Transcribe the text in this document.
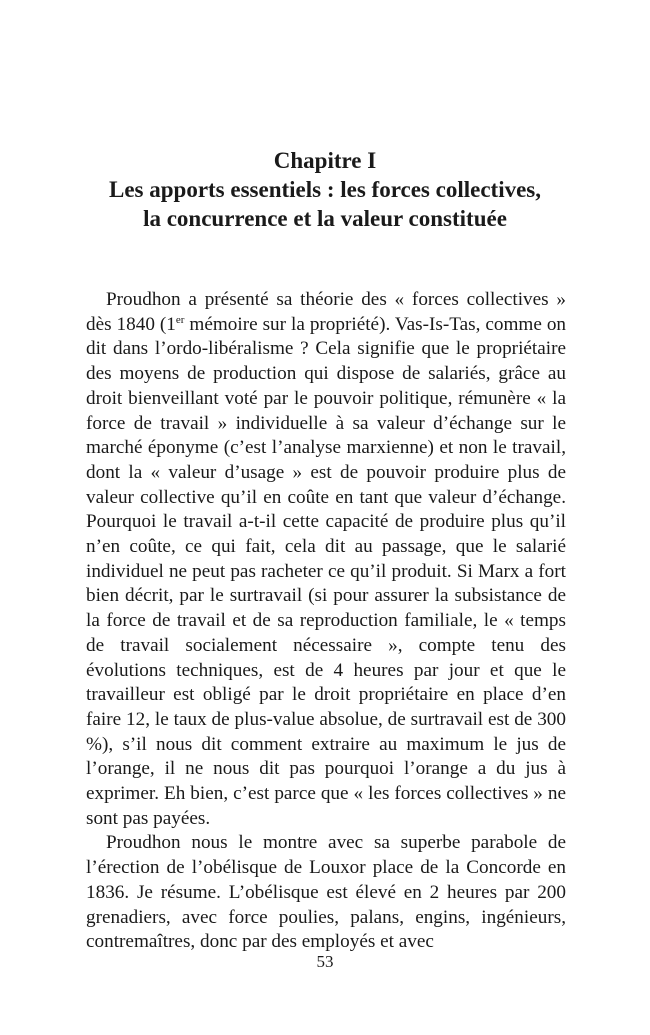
Chapitre I
Les apports essentiels : les forces collectives,
la concurrence et la valeur constituée

Proudhon a présenté sa théorie des « forces collectives » dès 1840 (1er mémoire sur la propriété). Vas-Is-Tas, comme on dit dans l’ordo-libéralisme ? Cela signifie que le propriétaire des moyens de production qui dispose de salariés, grâce au droit bienveillant voté par le pouvoir politique, rémunère « la force de travail » individuelle à sa valeur d’échange sur le marché éponyme (c’est l’analyse marxienne) et non le travail, dont la « valeur d’usage » est de pouvoir produire plus de valeur collective qu’il en coûte en tant que valeur d’échange. Pourquoi le travail a-t-il cette capacité de produire plus qu’il n’en coûte, ce qui fait, cela dit au passage, que le salarié individuel ne peut pas racheter ce qu’il produit. Si Marx a fort bien décrit, par le surtravail (si pour assurer la subsistance de la force de travail et de sa reproduction familiale, le « temps de travail socialement nécessaire », compte tenu des évolutions techniques, est de 4 heures par jour et que le travailleur est obligé par le droit propriétaire en place d’en faire 12, le taux de plus-value absolue, de surtravail est de 300 %), s’il nous dit comment extraire au maximum le jus de l’orange, il ne nous dit pas pourquoi l’orange a du jus à exprimer. Eh bien, c’est parce que « les forces collectives » ne sont pas payées.

Proudhon nous le montre avec sa superbe parabole de l’érection de l’obélisque de Louxor place de la Concorde en 1836. Je résume. L’obélisque est élevé en 2 heures par 200 grenadiers, avec force poulies, palans, engins, ingénieurs, contremaîtres, donc par des employés et avec

53
